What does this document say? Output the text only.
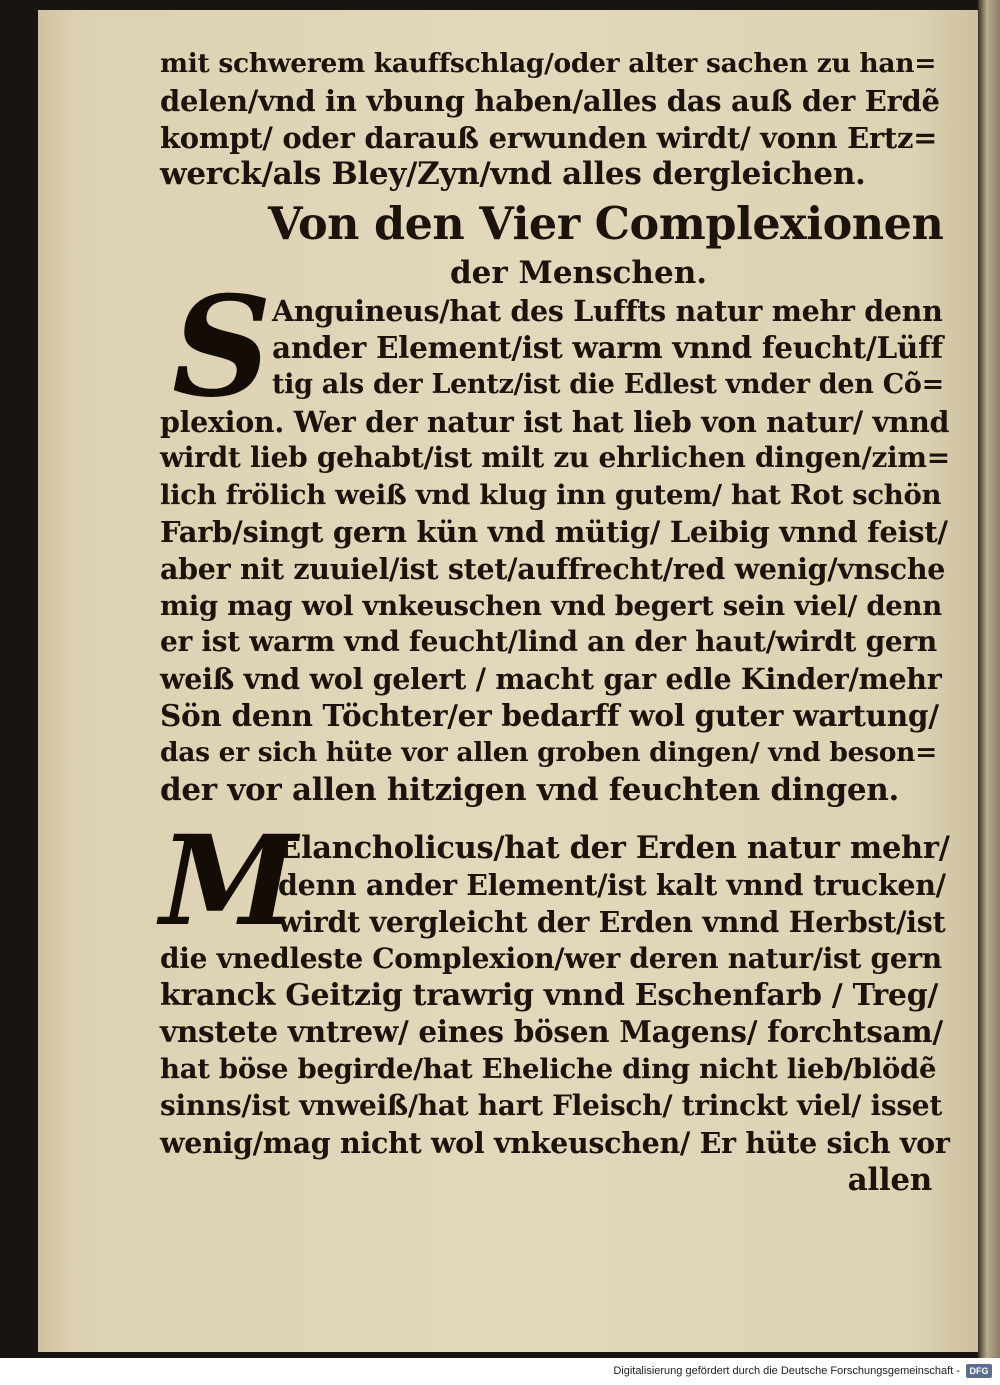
mit schwerem kauffschlag/oder alter sachen zu han=
delen/vnd in vbung haben/alles das auß der Erdẽ
kompt/ oder darauß erwunden wirdt/ vonn Ertz=
werck/als Bley/Zyn/vnd alles dergleichen.
Von den Vier Complexionen
der Menschen.
S Anguineus/hat des Luffts natur mehr denn
ander Element/ist warm vnnd feucht/Lüff
tig als der Lentz/ist die Edlest vnder den Cõ=
plexion. Wer der natur ist hat lieb von natur/ vnnd
wirdt lieb gehabt/ist milt zu ehrlichen dingen/zim=
lich frölich weiß vnd klug inn gutem/ hat Rot schön
Farb/singt gern kün vnd mütig/ Leibig vnnd feist/
aber nit zuuiel/ist stet/auffrecht/red wenig/vnsche
mig mag wol vnkeuschen vnd begert sein viel/ denn
er ist warm vnd feucht/lind an der haut/wirdt gern
weiß vnd wol gelert / macht gar edle Kinder/mehr
Sön denn Töchter/er bedarff wol guter wartung/
das er sich hüte vor allen groben dingen/ vnd beson=
der vor allen hitzigen vnd feuchten dingen.
M
Elancholicus/hat der Erden natur mehr/
denn ander Element/ist kalt vnnd trucken/
wirdt vergleicht der Erden vnnd Herbst/ist
die vnedleste Complexion/wer deren natur/ist gern
kranck Geitzig trawrig vnnd Eschenfarb / Treg/
vnstete vntrew/ eines bösen Magens/ forchtsam/
hat böse begirde/hat Eheliche ding nicht lieb/blödẽ
sinns/ist vnweiß/hat hart Fleisch/ trinckt viel/ isset
wenig/mag nicht wol vnkeuschen/ Er hüte sich vor
allen
Digitalisierung gefördert durch die Deutsche Forschungsgemeinschaft -	DFG
